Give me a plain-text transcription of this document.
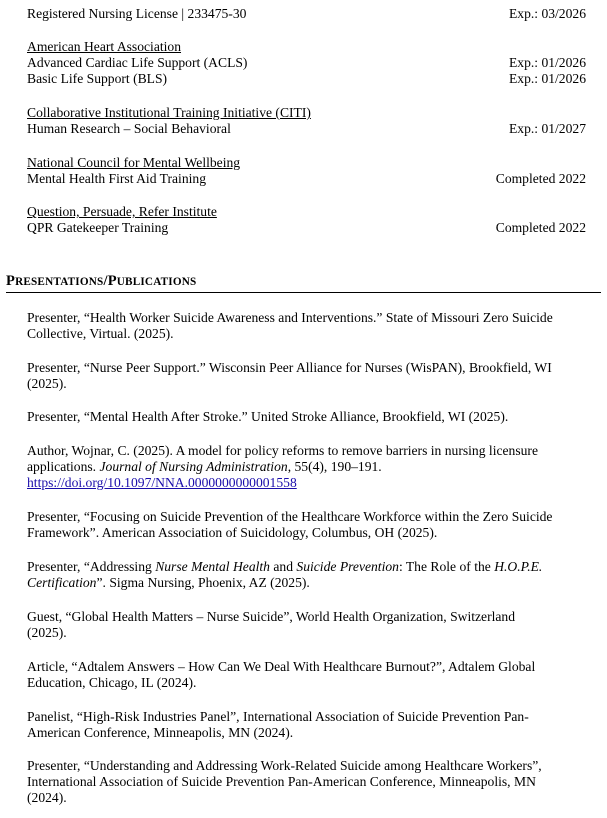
Registered Nursing License | 233475-30	Exp.: 03/2026
American Heart Association
Advanced Cardiac Life Support (ACLS)	Exp.: 01/2026
Basic Life Support (BLS)	Exp.: 01/2026
Collaborative Institutional Training Initiative (CITI)
Human Research – Social Behavioral	Exp.: 01/2027
National Council for Mental Wellbeing
Mental Health First Aid Training	Completed 2022
Question, Persuade, Refer Institute
QPR Gatekeeper Training	Completed 2022
PRESENTATIONS/PUBLICATIONS
Presenter, “Health Worker Suicide Awareness and Interventions.” State of Missouri Zero Suicide
Collective, Virtual. (2025).
Presenter, “Nurse Peer Support.” Wisconsin Peer Alliance for Nurses (WisPAN), Brookfield, WI
(2025).
Presenter, “Mental Health After Stroke.” United Stroke Alliance, Brookfield, WI (2025).
Author, Wojnar, C. (2025). A model for policy reforms to remove barriers in nursing licensure
applications. Journal of Nursing Administration, 55(4), 190–191.
https://doi.org/10.1097/NNA.0000000000001558
Presenter, “Focusing on Suicide Prevention of the Healthcare Workforce within the Zero Suicide
Framework”. American Association of Suicidology, Columbus, OH (2025).
Presenter, “Addressing Nurse Mental Health and Suicide Prevention: The Role of the H.O.P.E.
Certification”. Sigma Nursing, Phoenix, AZ (2025).
Guest, “Global Health Matters – Nurse Suicide”, World Health Organization, Switzerland
(2025).
Article, “Adtalem Answers – How Can We Deal With Healthcare Burnout?”, Adtalem Global
Education, Chicago, IL (2024).
Panelist, “High-Risk Industries Panel”, International Association of Suicide Prevention Pan-
American Conference, Minneapolis, MN (2024).
Presenter, “Understanding and Addressing Work-Related Suicide among Healthcare Workers”,
International Association of Suicide Prevention Pan-American Conference, Minneapolis, MN
(2024).
